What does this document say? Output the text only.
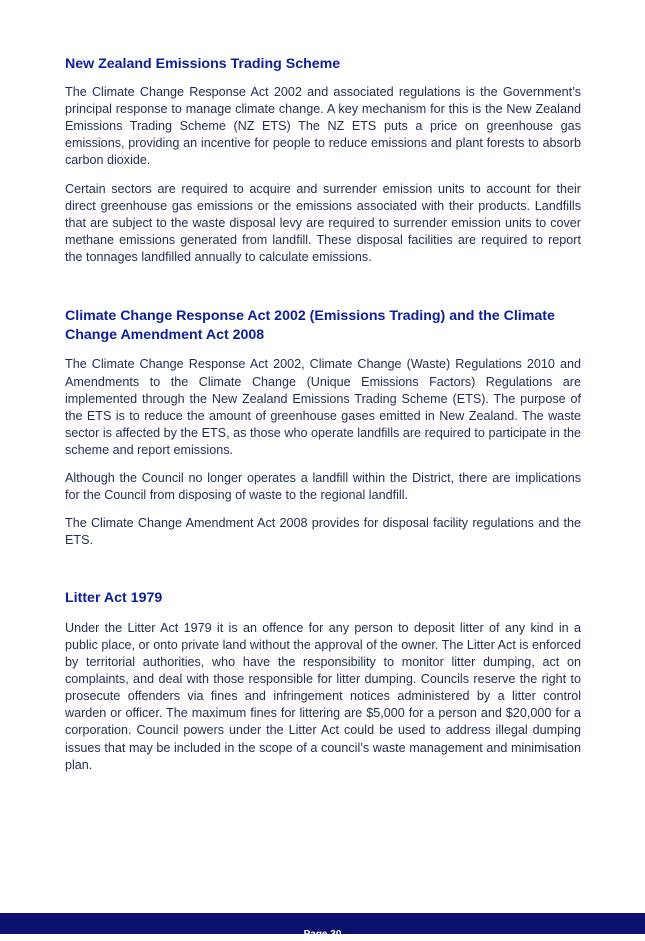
New Zealand Emissions Trading Scheme

The Climate Change Response Act 2002 and associated regulations is the Government’s principal response to manage climate change. A key mechanism for this is the New Zealand Emissions Trading Scheme (NZ ETS) The NZ ETS puts a price on greenhouse gas emissions, providing an incentive for people to reduce emissions and plant forests to absorb carbon dioxide.

Certain sectors are required to acquire and surrender emission units to account for their direct greenhouse gas emissions or the emissions associated with their products. Landfills that are subject to the waste disposal levy are required to surrender emission units to cover methane emissions generated from landfill. These disposal facilities are required to report the tonnages landfilled annually to calculate emissions.

Climate Change Response Act 2002 (Emissions Trading) and the Climate Change Amendment Act 2008

The Climate Change Response Act 2002, Climate Change (Waste) Regulations 2010 and Amendments to the Climate Change (Unique Emissions Factors) Regulations are implemented through the New Zealand Emissions Trading Scheme (ETS). The purpose of the ETS is to reduce the amount of greenhouse gases emitted in New Zealand. The waste sector is affected by the ETS, as those who operate landfills are required to participate in the scheme and report emissions.

Although the Council no longer operates a landfill within the District, there are implications for the Council from disposing of waste to the regional landfill.

The Climate Change Amendment Act 2008 provides for disposal facility regulations and the ETS.

Litter Act 1979

Under the Litter Act 1979 it is an offence for any person to deposit litter of any kind in a public place, or onto private land without the approval of the owner. The Litter Act is enforced by territorial authorities, who have the responsibility to monitor litter dumping, act on complaints, and deal with those responsible for litter dumping. Councils reserve the right to prosecute offenders via fines and infringement notices administered by a litter control warden or officer. The maximum fines for littering are $5,000 for a person and $20,000 for a corporation. Council powers under the Litter Act could be used to address illegal dumping issues that may be included in the scope of a council’s waste management and minimisation plan.

Page 30
